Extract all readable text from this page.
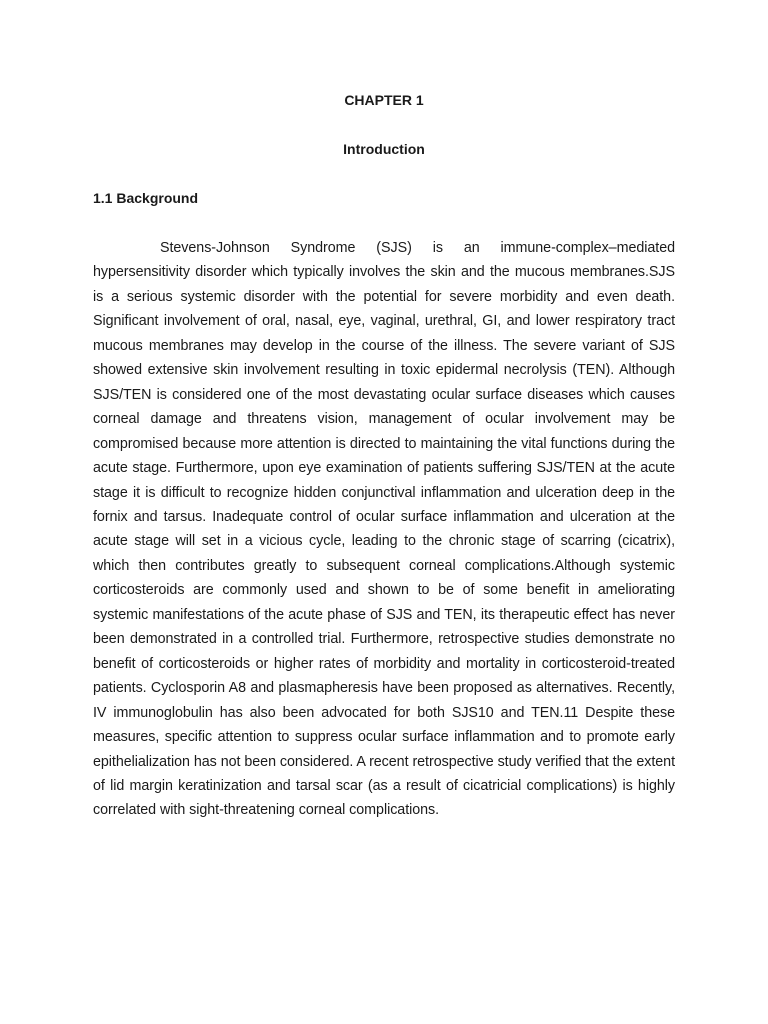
CHAPTER 1
Introduction
1.1 Background

Stevens-Johnson Syndrome (SJS) is an immune-complex–mediated hypersensitivity disorder which typically involves the skin and the mucous membranes.SJS is a serious systemic disorder with the potential for severe morbidity and even death. Significant involvement of oral, nasal, eye, vaginal, urethral, GI, and lower respiratory tract mucous membranes may develop in the course of the illness. The severe variant of SJS showed extensive skin involvement resulting in toxic epidermal necrolysis (TEN). Although SJS/TEN is considered one of the most devastating ocular surface diseases which causes corneal damage and threatens vision, management of ocular involvement may be compromised because more attention is directed to maintaining the vital functions during the acute stage. Furthermore, upon eye examination of patients suffering SJS/TEN at the acute stage it is difficult to recognize hidden conjunctival inflammation and ulceration deep in the fornix and tarsus. Inadequate control of ocular surface inflammation and ulceration at the acute stage will set in a vicious cycle, leading to the chronic stage of scarring (cicatrix), which then contributes greatly to subsequent corneal complications.Although systemic corticosteroids are commonly used and shown to be of some benefit in ameliorating systemic manifestations of the acute phase of SJS and TEN, its therapeutic effect has never been demonstrated in a controlled trial. Furthermore, retrospective studies demonstrate no benefit of corticosteroids or higher rates of morbidity and mortality in corticosteroid-treated patients. Cyclosporin A8 and plasmapheresis have been proposed as alternatives. Recently, IV immunoglobulin has also been advocated for both SJS10 and TEN.11 Despite these measures, specific attention to suppress ocular surface inflammation and to promote early epithelialization has not been considered. A recent retrospective study verified that the extent of lid margin keratinization and tarsal scar (as a result of cicatricial complications) is highly correlated with sight-threatening corneal complications.
